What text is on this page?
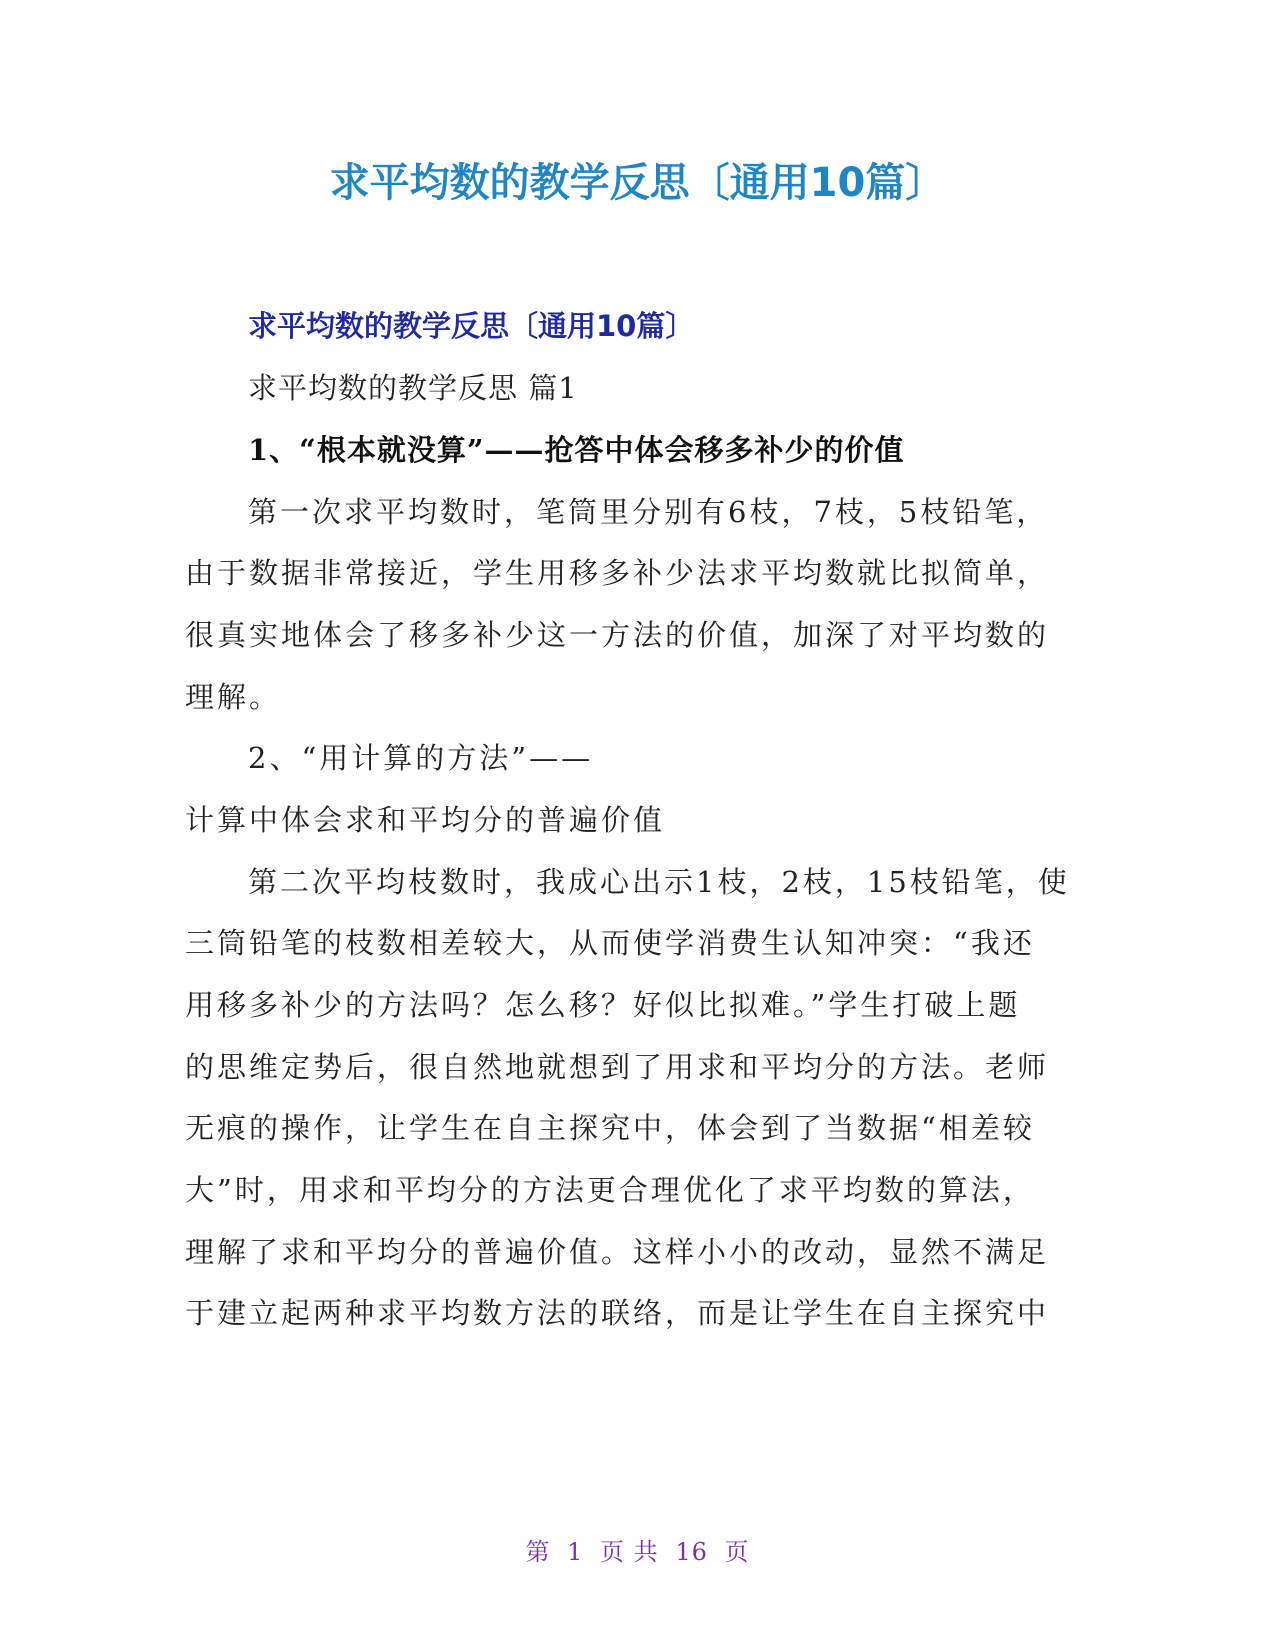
求平均数的教学反思〔通用10篇〕
求平均数的教学反思〔通用10篇〕
求平均数的教学反思 篇1
1、“根本就没算”——抢答中体会移多补少的价值
第一次求平均数时，笔筒里分别有6枝，7枝，5枝铅笔，
由于数据非常接近，学生用移多补少法求平均数就比拟简单，
很真实地体会了移多补少这一方法的价值，加深了对平均数的
理解。
2、“用计算的方法”——
计算中体会求和平均分的普遍价值
第二次平均枝数时，我成心出示1枝，2枝，15枝铅笔，使
三筒铅笔的枝数相差较大，从而使学消费生认知冲突：“我还
用移多补少的方法吗？怎么移？好似比拟难。”学生打破上题
的思维定势后，很自然地就想到了用求和平均分的方法。老师
无痕的操作，让学生在自主探究中，体会到了当数据“相差较
大”时，用求和平均分的方法更合理优化了求平均数的算法，
理解了求和平均分的普遍价值。这样小小的改动，显然不满足
于建立起两种求平均数方法的联络，而是让学生在自主探究中
第 1 页 共 16 页
